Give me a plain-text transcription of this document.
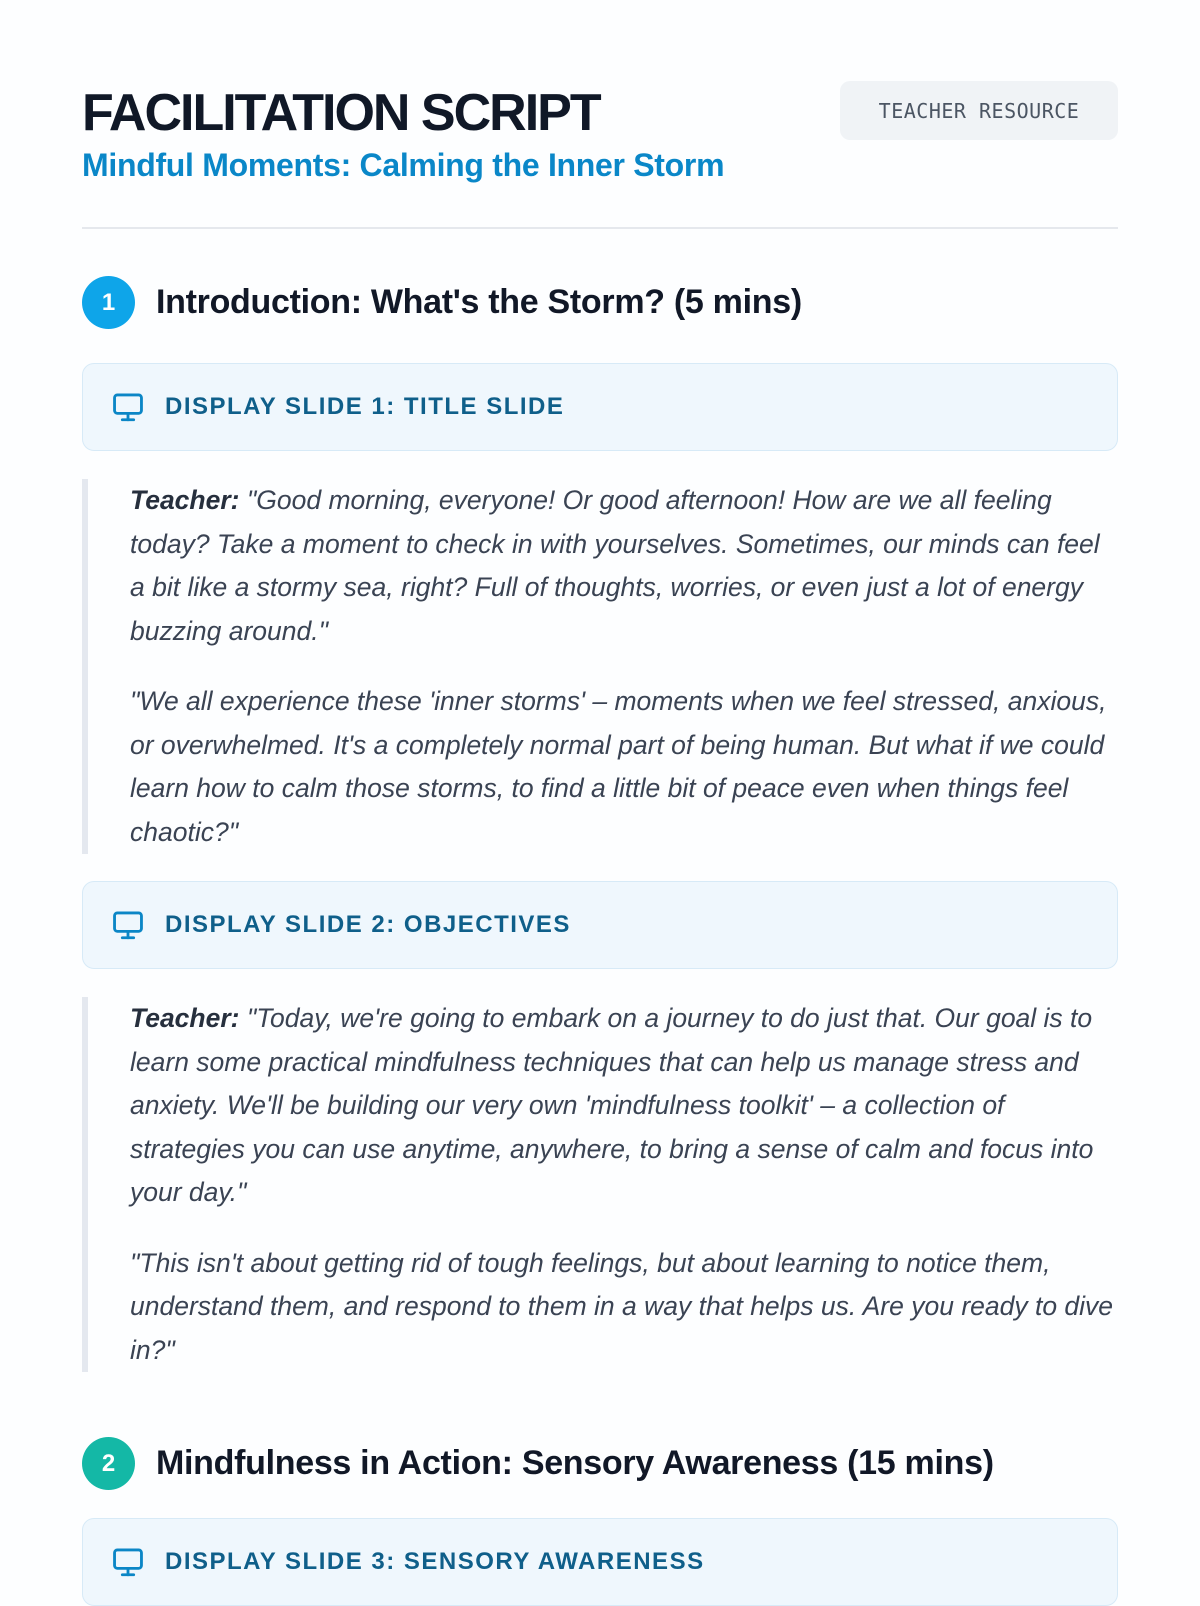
FACILITATION SCRIPT
Mindful Moments: Calming the Inner Storm
TEACHER RESOURCE
1	Introduction: What's the Storm? (5 mins)
DISPLAY SLIDE 1: TITLE SLIDE

Teacher: "Good morning, everyone! Or good afternoon! How are we all feeling today? Take a moment to check in with yourselves. Sometimes, our minds can feel a bit like a stormy sea, right? Full of thoughts, worries, or even just a lot of energy buzzing around."

"We all experience these 'inner storms' – moments when we feel stressed, anxious, or overwhelmed. It's a completely normal part of being human. But what if we could learn how to calm those storms, to find a little bit of peace even when things feel chaotic?"

DISPLAY SLIDE 2: OBJECTIVES

Teacher: "Today, we're going to embark on a journey to do just that. Our goal is to learn some practical mindfulness techniques that can help us manage stress and anxiety. We'll be building our very own 'mindfulness toolkit' – a collection of strategies you can use anytime, anywhere, to bring a sense of calm and focus into your day."

"This isn't about getting rid of tough feelings, but about learning to notice them, understand them, and respond to them in a way that helps us. Are you ready to dive in?"

2	Mindfulness in Action: Sensory Awareness (15 mins)
DISPLAY SLIDE 3: SENSORY AWARENESS
